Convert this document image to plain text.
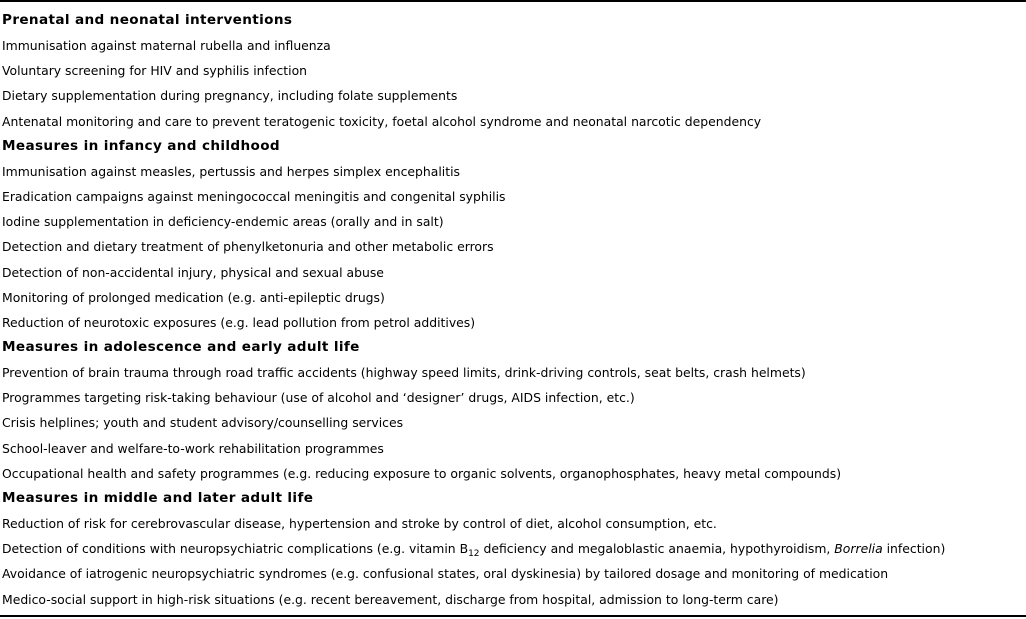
Prenatal and neonatal interventions
Immunisation against maternal rubella and influenza
Voluntary screening for HIV and syphilis infection
Dietary supplementation during pregnancy, including folate supplements
Antenatal monitoring and care to prevent teratogenic toxicity, foetal alcohol syndrome and neonatal narcotic dependency
Measures in infancy and childhood
Immunisation against measles, pertussis and herpes simplex encephalitis
Eradication campaigns against meningococcal meningitis and congenital syphilis
Iodine supplementation in deficiency-endemic areas (orally and in salt)
Detection and dietary treatment of phenylketonuria and other metabolic errors
Detection of non-accidental injury, physical and sexual abuse
Monitoring of prolonged medication (e.g. anti-epileptic drugs)
Reduction of neurotoxic exposures (e.g. lead pollution from petrol additives)
Measures in adolescence and early adult life
Prevention of brain trauma through road traffic accidents (highway speed limits, drink-driving controls, seat belts, crash helmets)
Programmes targeting risk-taking behaviour (use of alcohol and ‘designer’ drugs, AIDS infection, etc.)
Crisis helplines; youth and student advisory/counselling services
School-leaver and welfare-to-work rehabilitation programmes
Occupational health and safety programmes (e.g. reducing exposure to organic solvents, organophosphates, heavy metal compounds)
Measures in middle and later adult life
Reduction of risk for cerebrovascular disease, hypertension and stroke by control of diet, alcohol consumption, etc.
Detection of conditions with neuropsychiatric complications (e.g. vitamin $B_{12}$ deficiency and megaloblastic anaemia, hypothyroidism, Borrelia infection)
Avoidance of iatrogenic neuropsychiatric syndromes (e.g. confusional states, oral dyskinesia) by tailored dosage and monitoring of medication
Medico-social support in high-risk situations (e.g. recent bereavement, discharge from hospital, admission to long-term care)
